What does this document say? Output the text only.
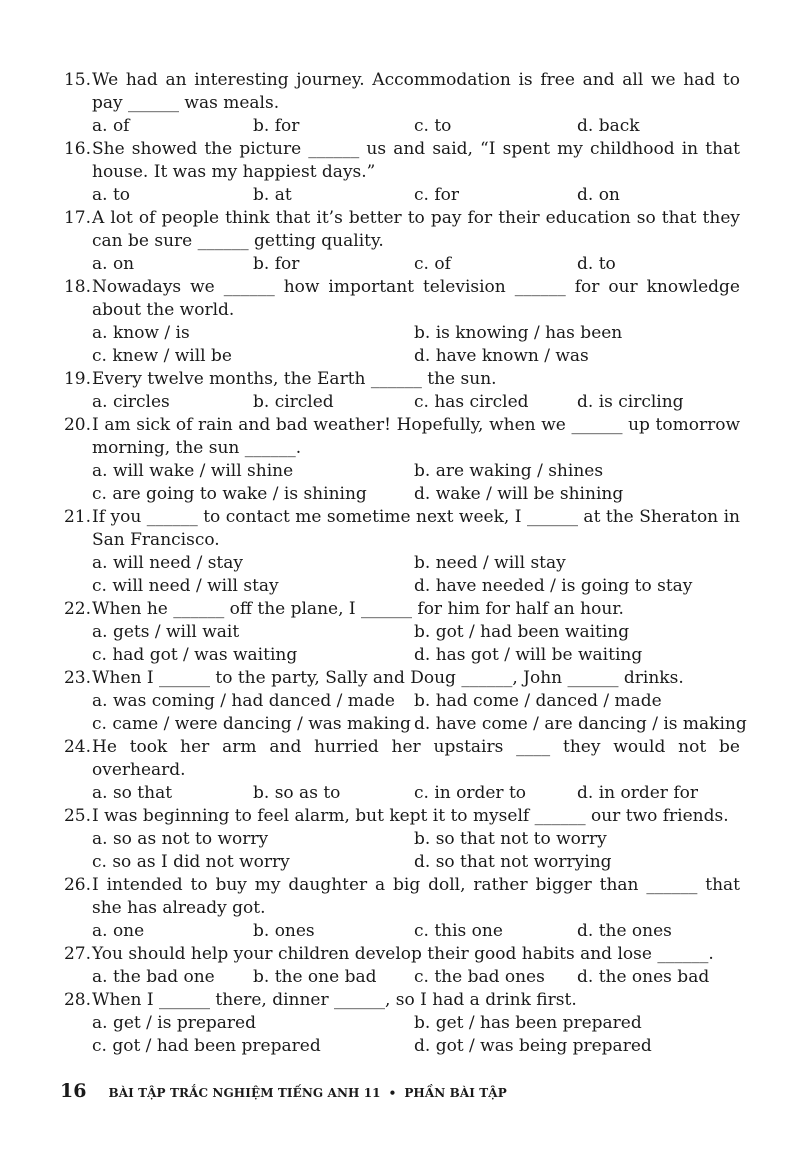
15. We had an interesting journey. Accommodation is free and all we had to
pay ______ was meals.
a. of	b. for	c. to	d. back
16. She showed the picture ______ us and said, “I spent my childhood in that
house. It was my happiest days.”
a. to	b. at	c. for	d. on
17. A lot of people think that it’s better to pay for their education so that they
can be sure ______ getting quality.
a. on	b. for	c. of	d. to
18. Nowadays we ______ how important television ______ for our knowledge
about the world.
a. know / is	b. is knowing / has been
c. knew / will be	d. have known / was
19. Every twelve months, the Earth ______ the sun.
a. circles	b. circled	c. has circled	d. is circling
20. I am sick of rain and bad weather! Hopefully, when we ______ up tomorrow
morning, the sun ______.
a. will wake / will shine	b. are waking / shines
c. are going to wake / is shining	d. wake / will be shining
21. If you ______ to contact me sometime next week, I ______ at the Sheraton in
San Francisco.
a. will need / stay	b. need / will stay
c. will need / will stay	d. have needed / is going to stay
22. When he ______ off the plane, I ______ for him for half an hour.
a. gets / will wait	b. got / had been waiting
c. had got / was waiting	d. has got / will be waiting
23. When I ______ to the party, Sally and Doug ______, John ______ drinks.
a. was coming / had danced / made	b. had come / danced / made
c. came / were dancing / was making d. have come / are dancing / is making
24. He took her arm and hurried her upstairs ____ they would not be overheard.
a. so that	b. so as to	c. in order to	d. in order for
25. I was beginning to feel alarm, but kept it to myself ______ our two friends.
a. so as not to worry	b. so that not to worry
c. so as I did not worry	d. so that not worrying
26. I intended to buy my daughter a big doll, rather bigger than ______ that
she has already got.
a. one	b. ones	c. this one	d. the ones
27. You should help your children develop their good habits and lose ______.
a. the bad one	b. the one bad	c. the bad ones	d. the ones bad
28. When I ______ there, dinner ______, so I had a drink first.
a. get / is prepared	b. get / has been prepared
c. got / had been prepared	d. got / was being prepared
16 BÀI TẬP TRẮC NGHIỆM TIẾNG ANH 11 • PHẦN BÀI TẬP
